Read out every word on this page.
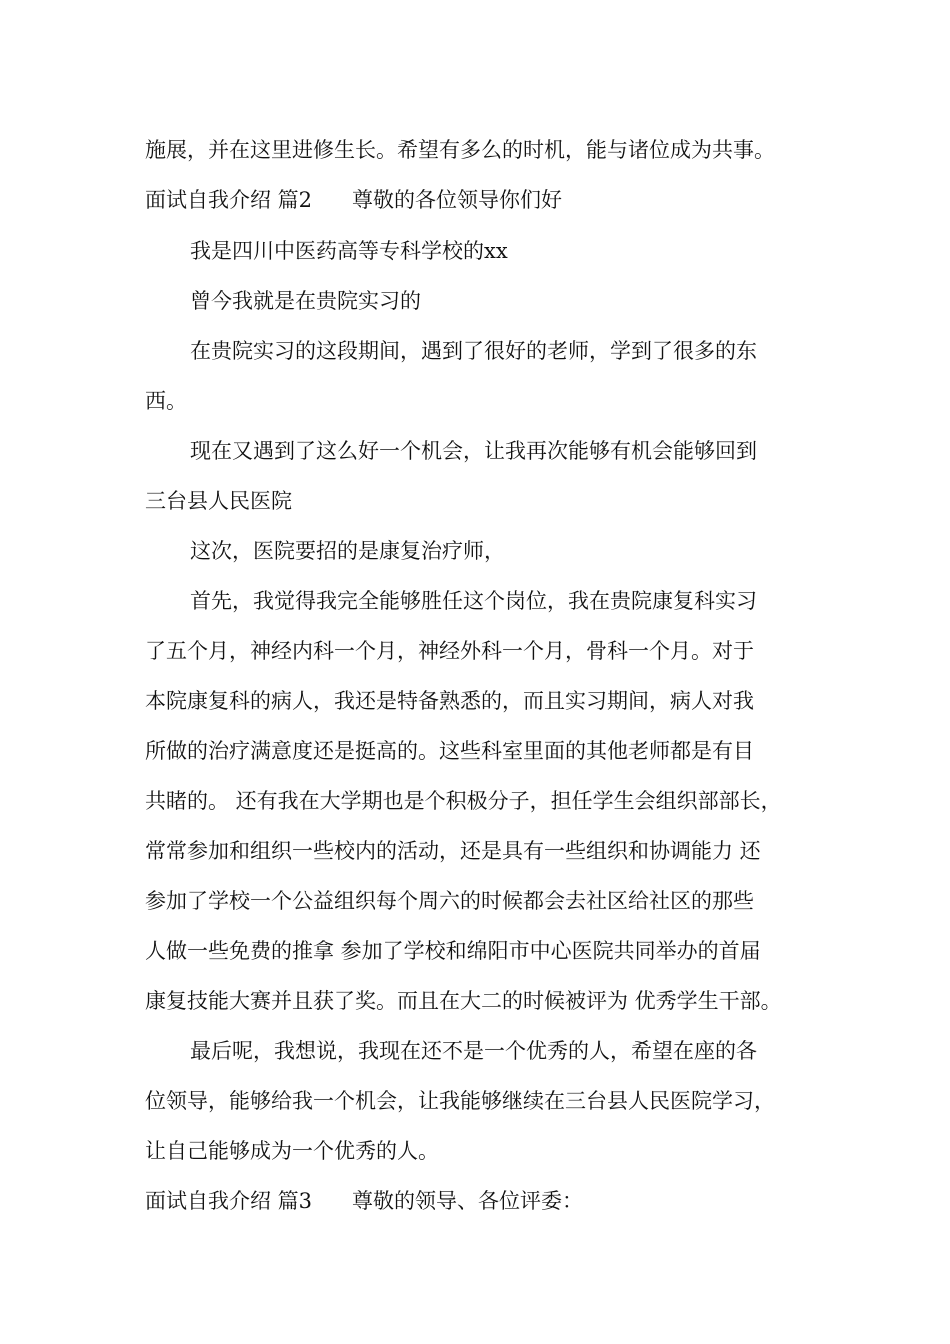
施展，并在这里进修生长。希望有多么的时机，能与诸位成为共事。
面试自我介绍 篇2 尊敬的各位领导你们好
我是四川中医药高等专科学校的xx
曾今我就是在贵院实习的
在贵院实习的这段期间，遇到了很好的老师，学到了很多的东
西。
现在又遇到了这么好一个机会，让我再次能够有机会能够回到
三台县人民医院
这次，医院要招的是康复治疗师，
首先，我觉得我完全能够胜任这个岗位，我在贵院康复科实习
了五个月，神经内科一个月，神经外科一个月，骨科一个月。对于
本院康复科的病人，我还是特备熟悉的，而且实习期间，病人对我
所做的治疗满意度还是挺高的。这些科室里面的其他老师都是有目
共睹的。 还有我在大学期也是个积极分子，担任学生会组织部部长，
常常参加和组织一些校内的活动，还是具有一些组织和协调能力 还
参加了学校一个公益组织每个周六的时候都会去社区给社区的那些
人做一些免费的推拿 参加了学校和绵阳市中心医院共同举办的首届
康复技能大赛并且获了奖。而且在大二的时候被评为 优秀学生干部。
最后呢，我想说，我现在还不是一个优秀的人，希望在座的各
位领导，能够给我一个机会，让我能够继续在三台县人民医院学习，
让自己能够成为一个优秀的人。
面试自我介绍 篇3 尊敬的领导、各位评委：
